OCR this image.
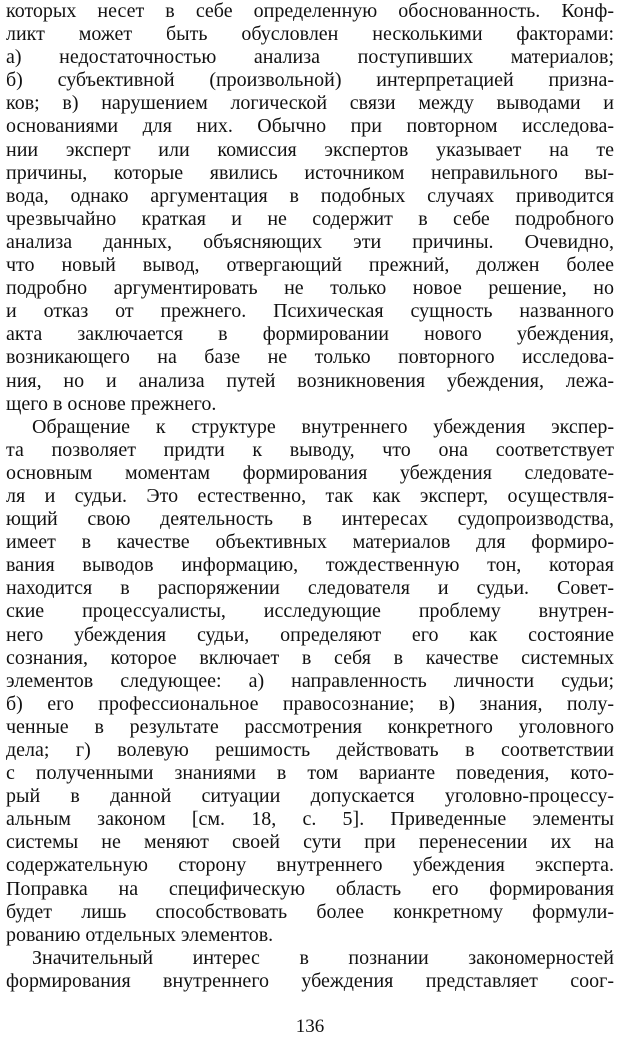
которых несет в себе определенную обоснованность. Конф-
ликт может быть обусловлен несколькими факторами:
а) недостаточностью анализа поступивших материалов;
б) субъективной (произвольной) интерпретацией призна-
ков; в) нарушением логической связи между выводами и
основаниями для них. Обычно при повторном исследова-
нии эксперт или комиссия экспертов указывает на те
причины, которые явились источником неправильного вы-
вода, однако аргументация в подобных случаях приводится
чрезвычайно краткая и не содержит в себе подробного
анализа данных, объясняющих эти причины. Очевидно,
что новый вывод, отвергающий прежний, должен более
подробно аргументировать не только новое решение, но
и отказ от прежнего. Психическая сущность названного
акта заключается в формировании нового убеждения,
возникающего на базе не только повторного исследова-
ния, но и анализа путей возникновения убеждения, лежа-
щего в основе прежнего.
Обращение к структуре внутреннего убеждения экспер-
та позволяет придти к выводу, что она соответствует
основным моментам формирования убеждения следовате-
ля и судьи. Это естественно, так как эксперт, осуществля-
ющий свою деятельность в интересах судопроизводства,
имеет в качестве объективных материалов для формиро-
вания выводов информацию, тождественную тон, которая
находится в распоряжении следователя и судьи. Совет-
ские процессуалисты, исследующие проблему внутрен-
него убеждения судьи, определяют его как состояние
сознания, которое включает в себя в качестве системных
элементов следующее: а) направленность личности судьи;
б) его профессиональное правосознание; в) знания, полу-
ченные в результате рассмотрения конкретного уголовного
дела; г) волевую решимость действовать в соответствии
с полученными знаниями в том варианте поведения, кото-
рый в данной ситуации допускается уголовно-процессу-
альным законом [см. 18, с. 5]. Приведенные элементы
системы не меняют своей сути при перенесении их на
содержательную сторону внутреннего убеждения эксперта.
Поправка на специфическую область его формирования
будет лишь способствовать более конкретному формули-
рованию отдельных элементов.
Значительный интерес в познании закономерностей
формирования внутреннего убеждения представляет соог-
136
